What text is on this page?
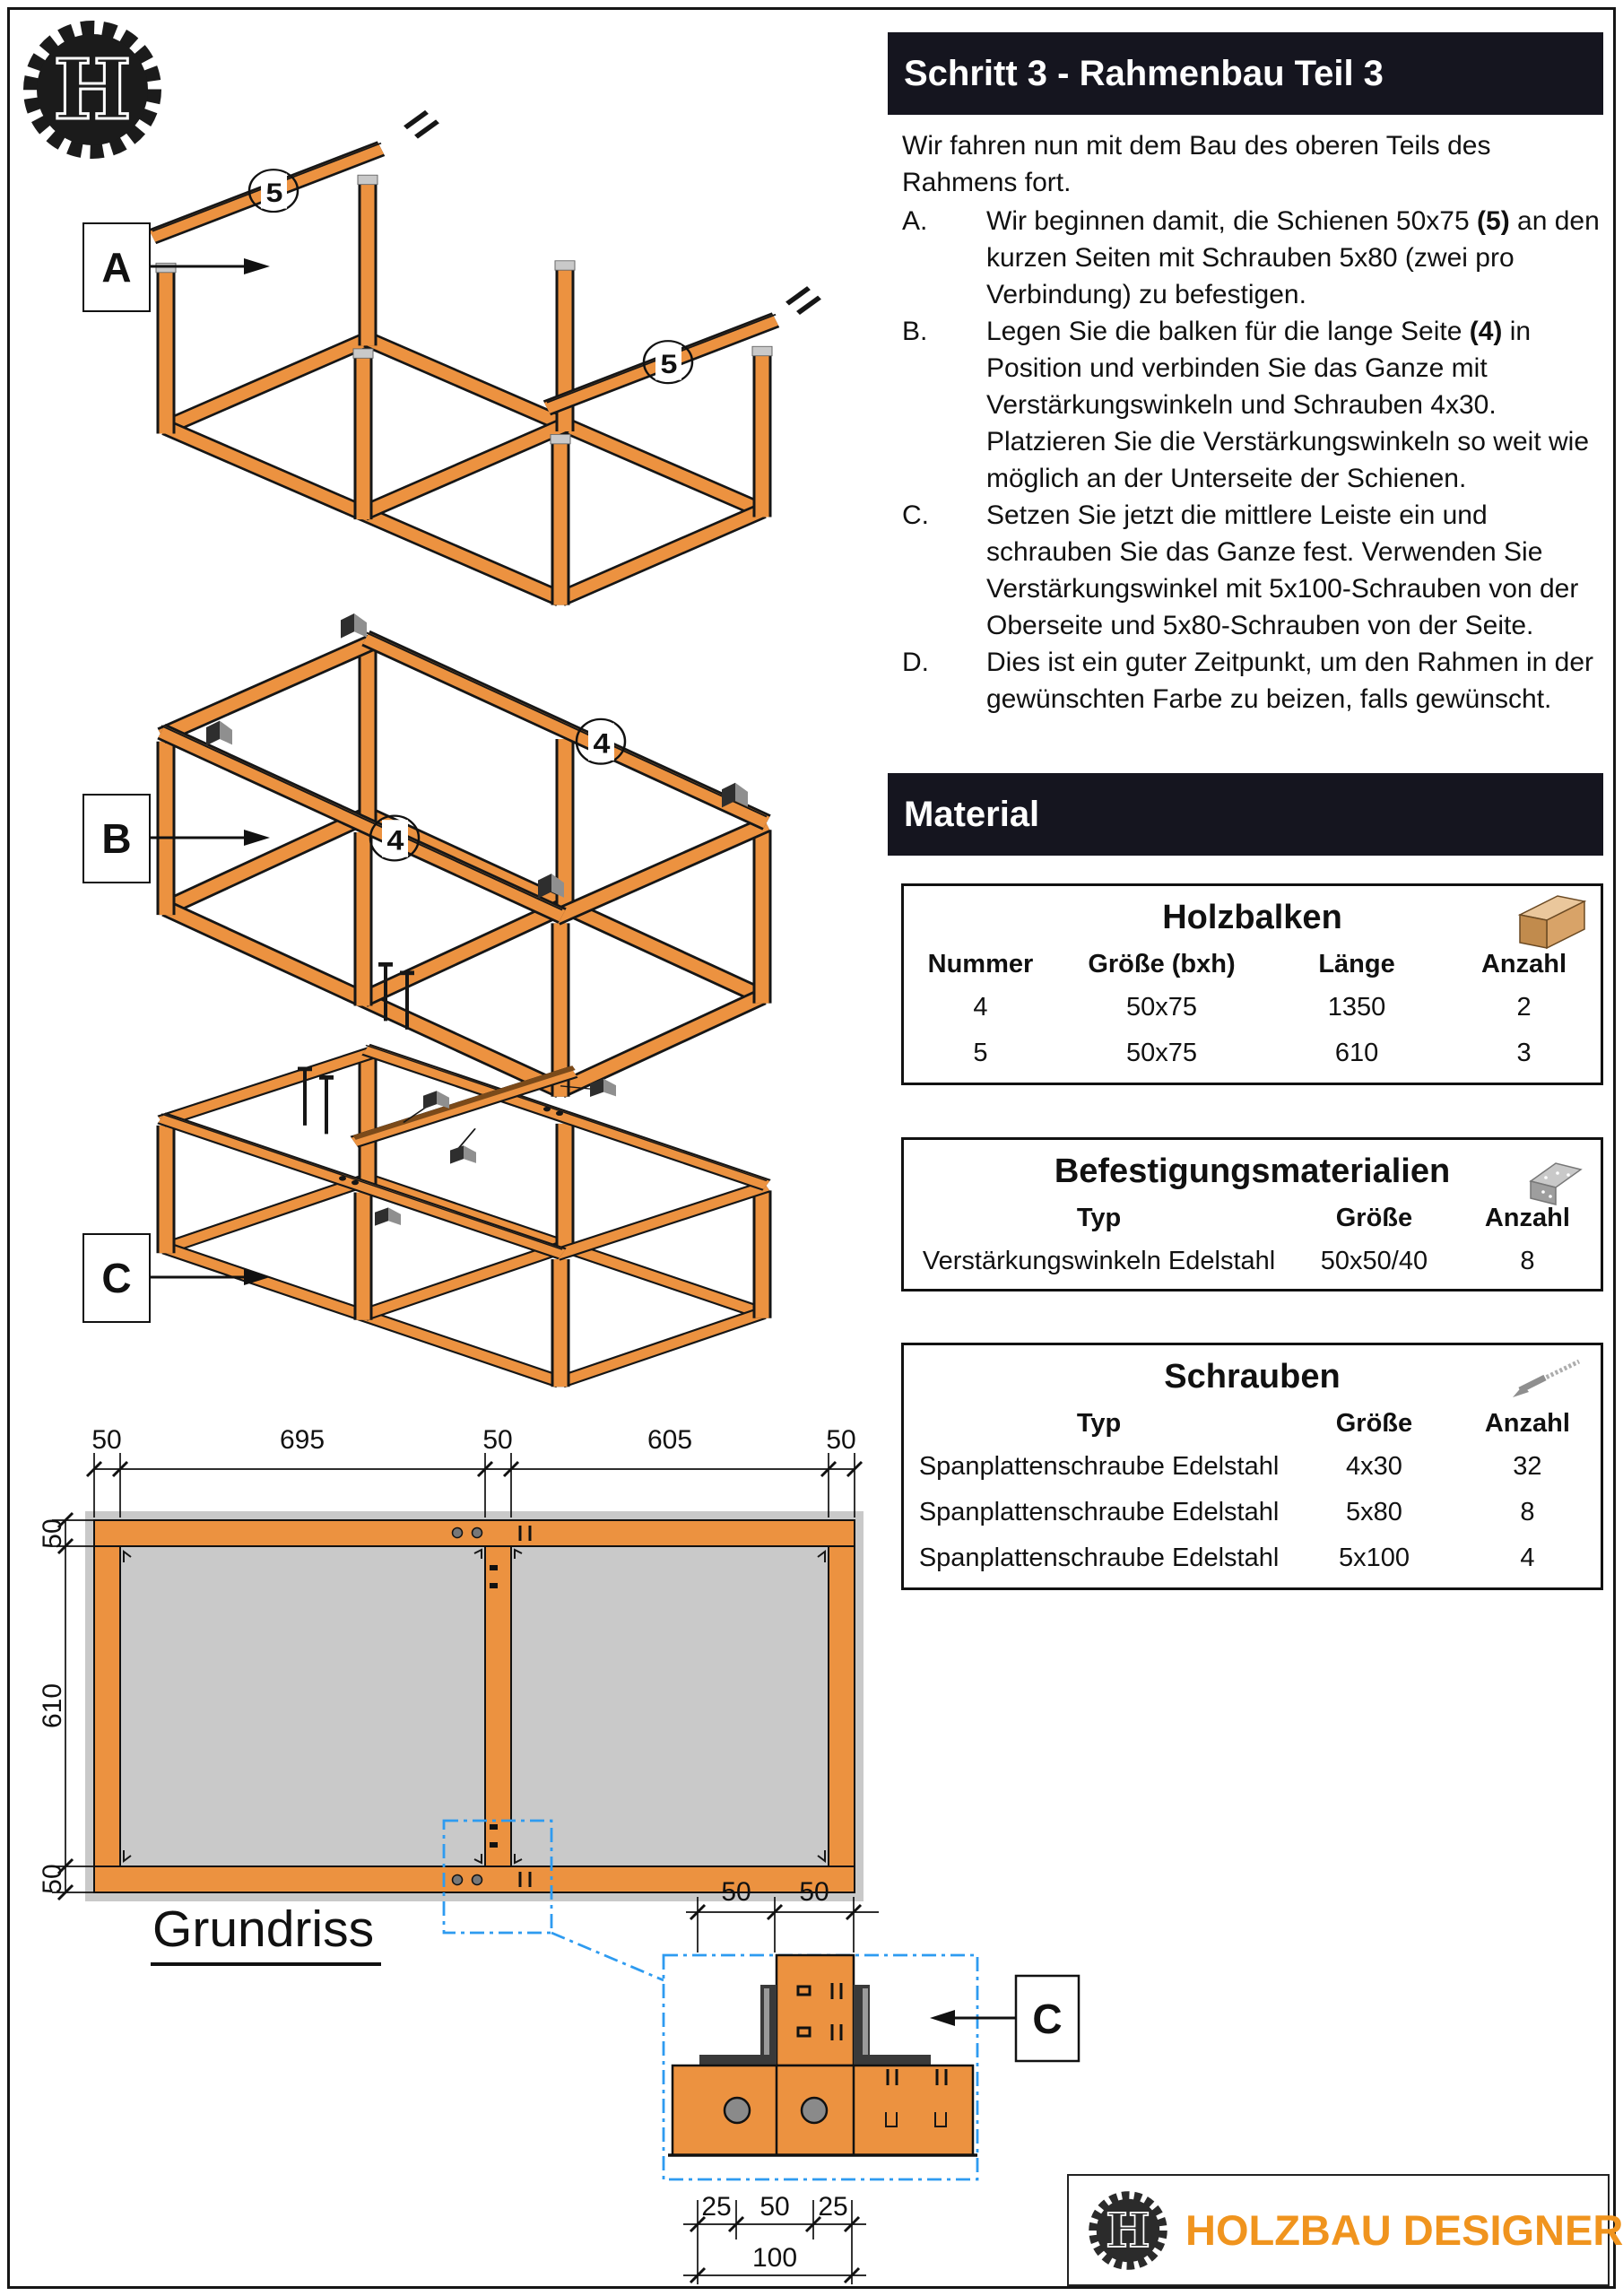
H
5
5
A
4
4
B
C
50	695	50	605	50
50
610
50
Grundriss
50 50
25 50 25
100
C
Schritt 3 - Rahmenbau Teil 3
Wir fahren nun mit dem Bau des oberen Teils des Rahmens fort.
A.	Wir beginnen damit, die Schienen 50x75 (5) an den kurzen Seiten mit Schrauben 5x80 (zwei pro Verbindung) zu befestigen.
B.	Legen Sie die balken für die lange Seite (4) in Position und verbinden Sie das Ganze mit Verstärkungswinkeln und Schrauben 4x30. Platzieren Sie die Verstärkungswinkeln so weit wie möglich an der Unterseite der Schienen.
C.	Setzen Sie jetzt die mittlere Leiste ein und schrauben Sie das Ganze fest. Verwenden Sie Verstärkungswinkel mit 5x100-Schrauben von der Oberseite und 5x80-Schrauben von der Seite.
D.	Dies ist ein guter Zeitpunkt, um den Rahmen in der gewünschten Farbe zu beizen, falls gewünscht.
Material
Holzbalken
Nummer	Größe (bxh)	Länge	Anzahl
4	50x75	1350	2
5	50x75	610	3
Befestigungsmaterialien
Typ	Größe	Anzahl
Verstärkungswinkeln Edelstahl	50x50/40	8
Schrauben
Typ	Größe	Anzahl
Spanplattenschraube Edelstahl	4x30	32
Spanplattenschraube Edelstahl	5x80	8
Spanplattenschraube Edelstahl	5x100	4
H HOLZBAU DESIGNER
